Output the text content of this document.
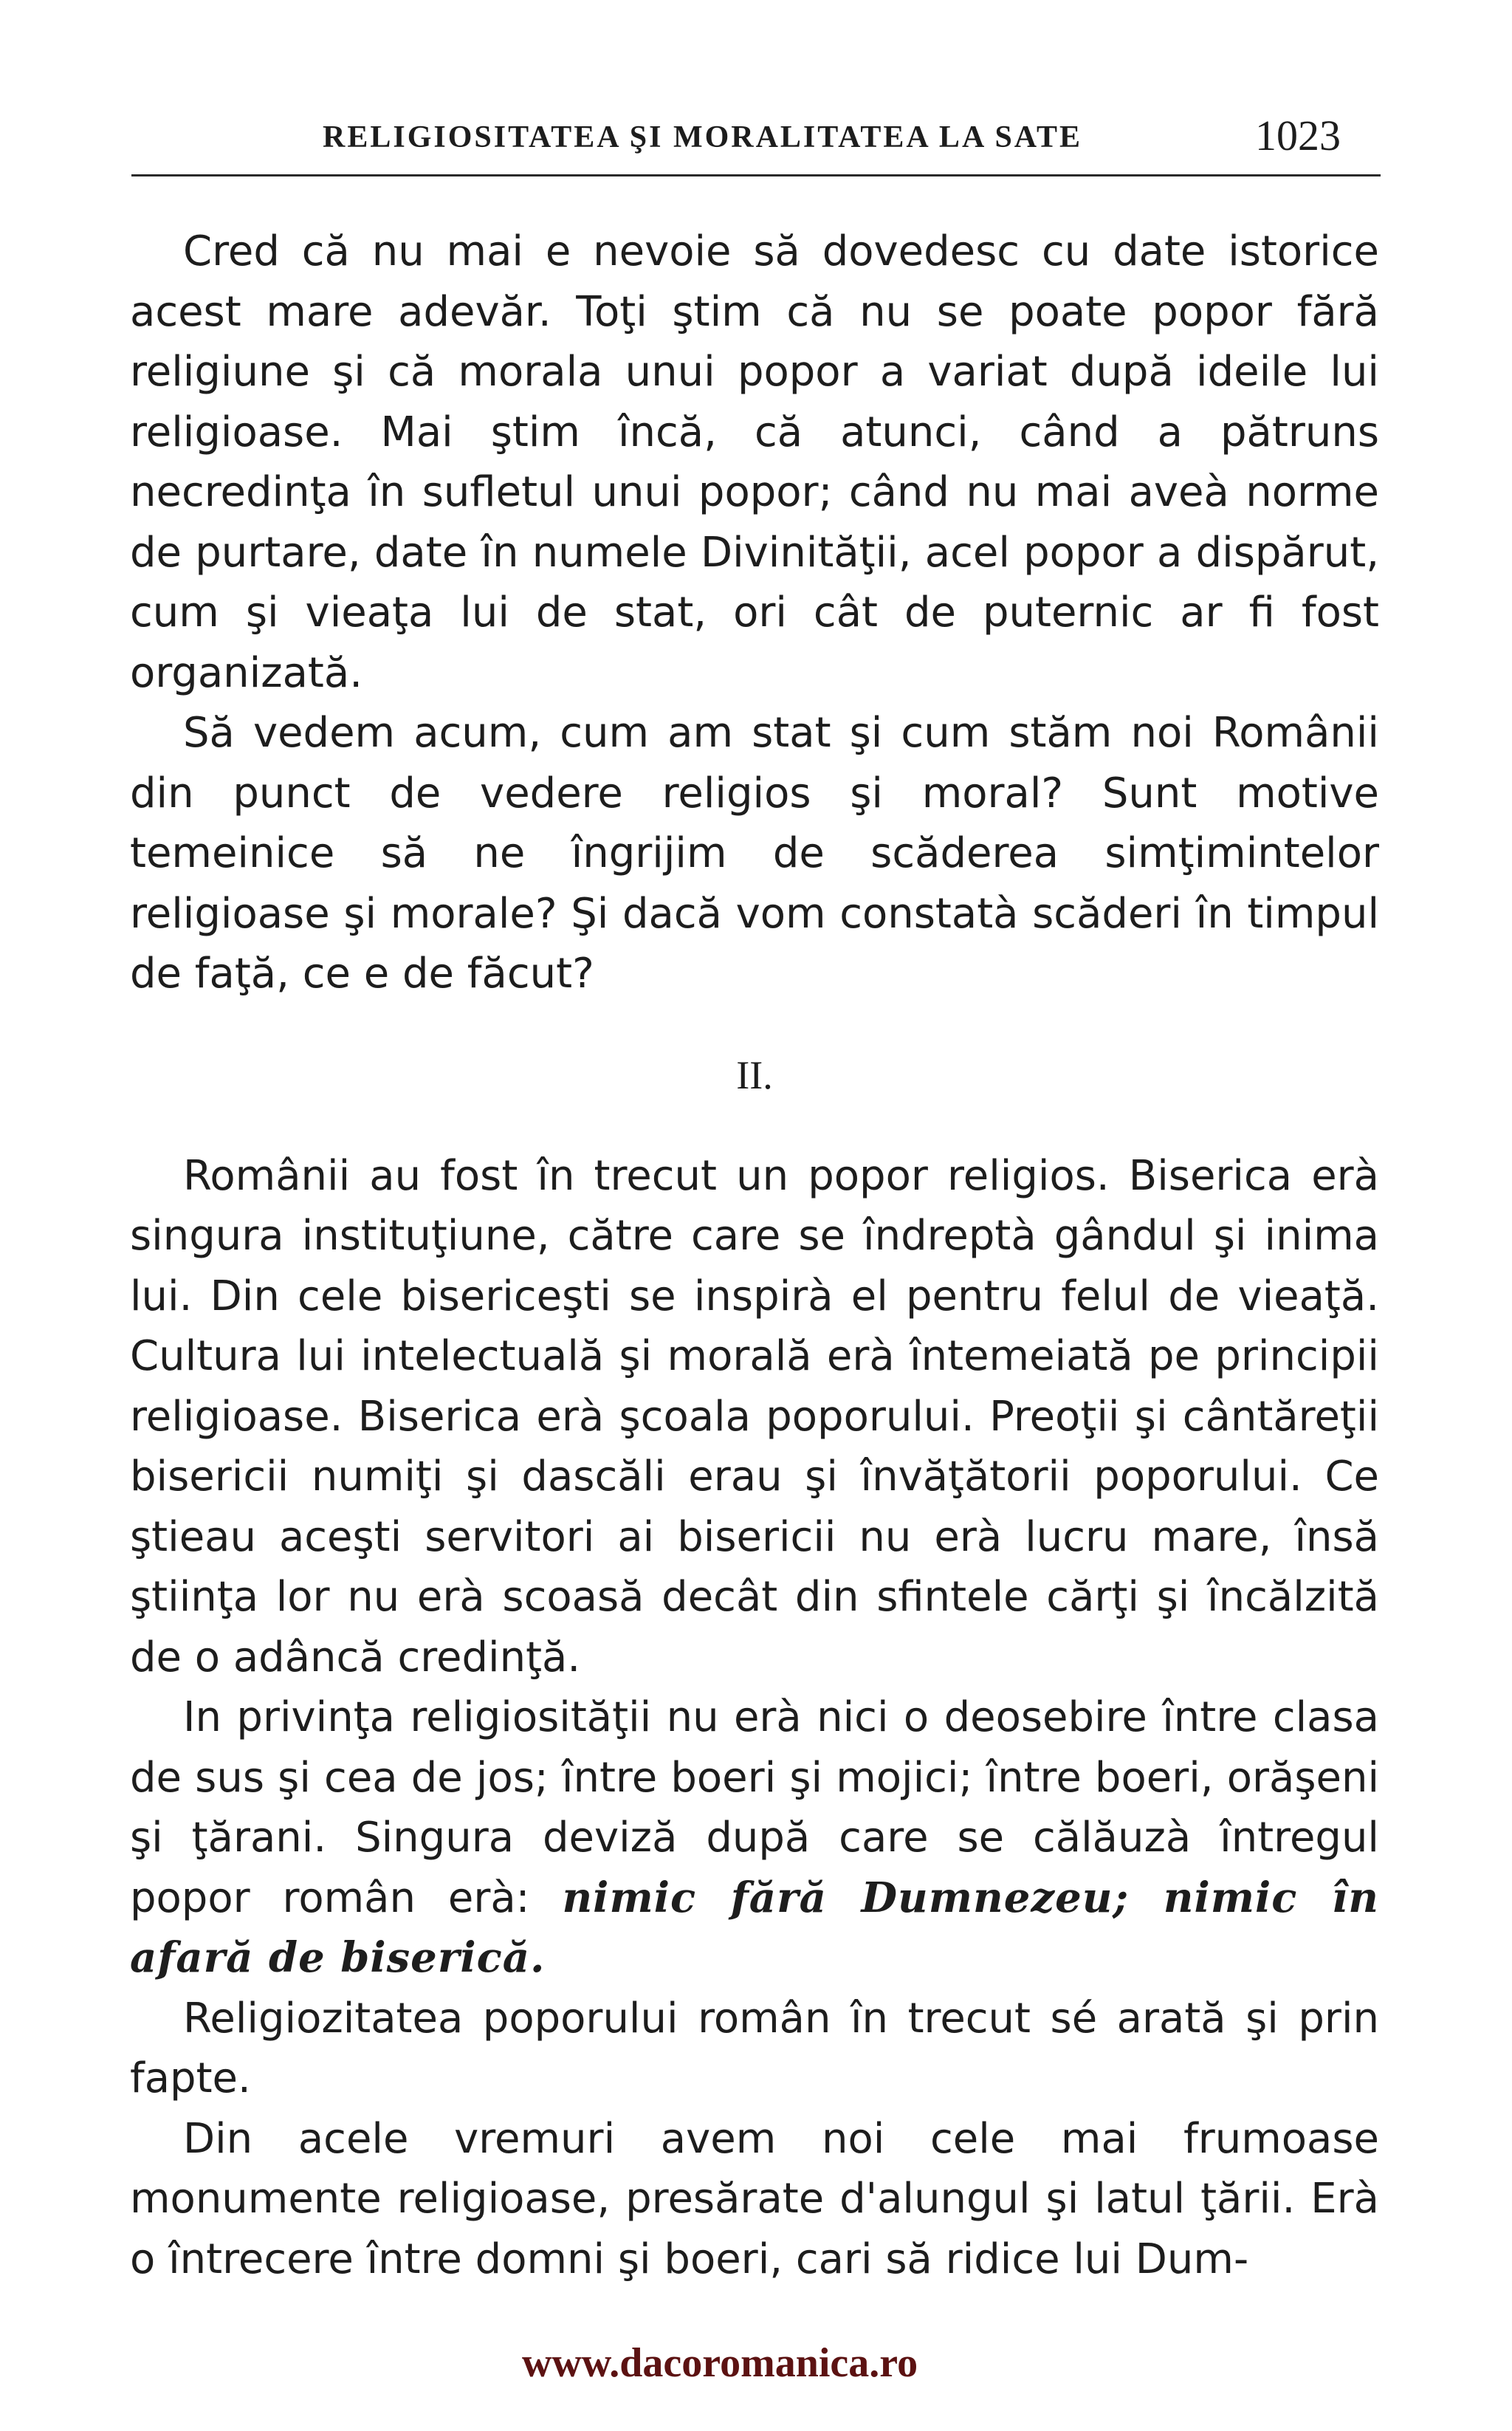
RELIGIOSITATEA ŞI MORALITATEA LA SATE	1023

Cred că nu mai e nevoie să dovedesc cu date istorice acest mare adevăr. Toţi ştim că nu se poate popor fără religiune şi că morala unui popor a variat după ideile lui religioase. Mai ştim încă, că atunci, când a pătruns necredinţa în sufletul unui popor; când nu mai aveà norme de purtare, date în numele Divinităţii, acel popor a dispărut, cum şi vieaţa lui de stat, ori cât de puternic ar fi fost organizată.

Să vedem acum, cum am stat şi cum stăm noi Românii din punct de vedere religios şi moral? Sunt motive temeinice să ne îngrijim de scăderea simţimintelor religioase şi morale? Şi dacă vom constatà scăderi în timpul de faţă, ce e de făcut?

II.

Românii au fost în trecut un popor religios. Biserica erà singura instituţiune, către care se îndreptà gândul şi inima lui. Din cele bisericeşti se inspirà el pentru felul de vieaţă. Cultura lui intelectuală şi morală erà întemeiată pe principii religioase. Biserica erà şcoala poporului. Preoţii şi cântăreţii bisericii numiţi şi dascăli erau şi învăţătorii poporului. Ce ştieau aceşti servitori ai bisericii nu erà lucru mare, însă ştiinţa lor nu erà scoasă decât din sfintele cărţi şi încălzită de o adâncă credinţă.

In privinţa religiosităţii nu erà nici o deosebire între clasa de sus şi cea de jos; între boeri şi mojici; între boeri, orăşeni şi ţărani. Singura deviză după care se călăuzà întregul popor român erà: nimic fără Dumnezeu; nimic în afară de biserică.

Religiozitatea poporului român în trecut sé arată şi prin fapte.

Din acele vremuri avem noi cele mai frumoase monumente religioase, presărate d'alungul şi latul ţării. Erà o întrecere între domni şi boeri, cari să ridice lui Dum-

www.dacoromanica.ro
